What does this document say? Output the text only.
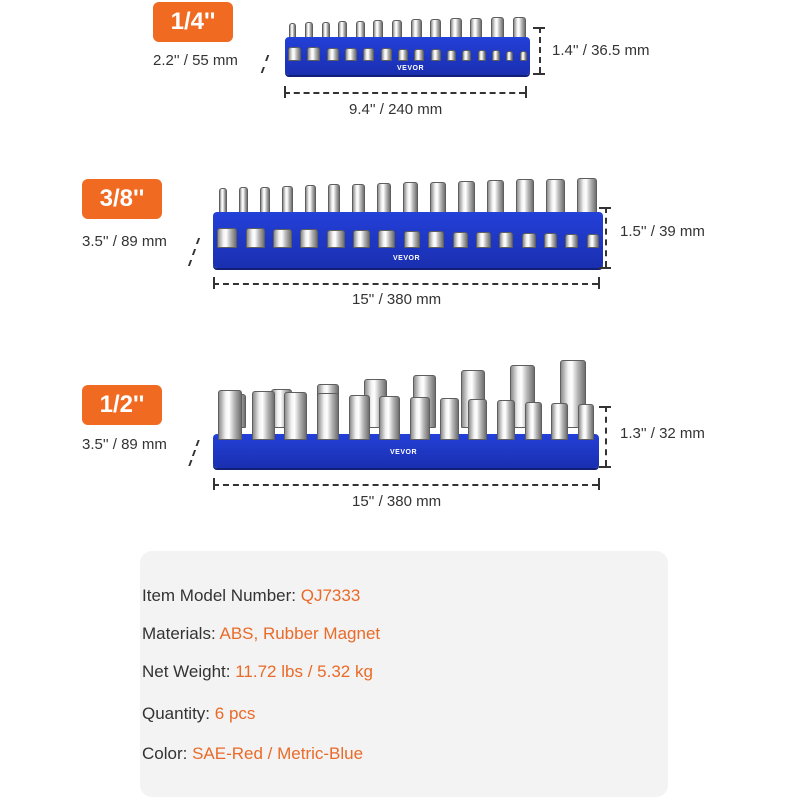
1/4''
VEVOR
2.2'' / 55 mm
1.4'' / 36.5 mm
9.4'' / 240 mm
3/8''
VEVOR
3.5'' / 89 mm
1.5'' / 39 mm
15'' / 380 mm
1/2''
VEVOR
3.5'' / 89 mm
1.3'' / 32 mm
15'' / 380 mm
Item Model Number: QJ7333
Materials: ABS, Rubber Magnet
Net Weight: 11.72 lbs / 5.32 kg
Quantity: 6 pcs
Color: SAE-Red / Metric-Blue
